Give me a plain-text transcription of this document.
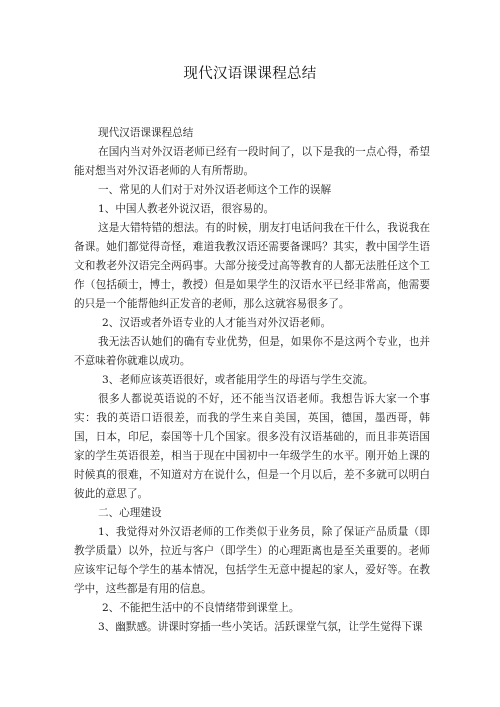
现代汉语课课程总结

现代汉语课课程总结

在国内当对外汉语老师已经有一段时间了，以下是我的一点心得，希望能对想当对外汉语老师的人有所帮助。

一、常见的人们对于对外汉语老师这个工作的误解

1、中国人教老外说汉语，很容易的。

这是大错特错的想法。有的时候，朋友打电话问我在干什么，我说我在备课。她们都觉得奇怪，难道我教汉语还需要备课吗？其实，教中国学生语文和教老外汉语完全两码事。大部分接受过高等教育的人都无法胜任这个工作（包括硕士，博士，教授）但是如果学生的汉语水平已经非常高，他需要的只是一个能帮他纠正发音的老师，那么这就容易很多了。

2、汉语或者外语专业的人才能当对外汉语老师。

我无法否认她们的确有专业优势，但是，如果你不是这两个专业，也并不意味着你就难以成功。

3、老师应该英语很好，或者能用学生的母语与学生交流。

很多人都说英语说的不好，还不能当汉语老师。我想告诉大家一个事实：我的英语口语很差，而我的学生来自美国，英国，德国，墨西哥，韩国，日本，印尼，泰国等十几个国家。很多没有汉语基础的，而且非英语国家的学生英语很差，相当于现在中国初中一年级学生的水平。刚开始上课的时候真的很难，不知道对方在说什么，但是一个月以后，差不多就可以明白彼此的意思了。

二、心理建设

1、我觉得对外汉语老师的工作类似于业务员，除了保证产品质量（即教学质量）以外，拉近与客户（即学生）的心理距离也是至关重要的。老师应该牢记每个学生的基本情况，包括学生无意中提起的家人，爱好等。在教学中，这些都是有用的信息。

2、不能把生活中的不良情绪带到课堂上。

3、幽默感。讲课时穿插一些小笑话。活跃课堂气氛，让学生觉得下课
